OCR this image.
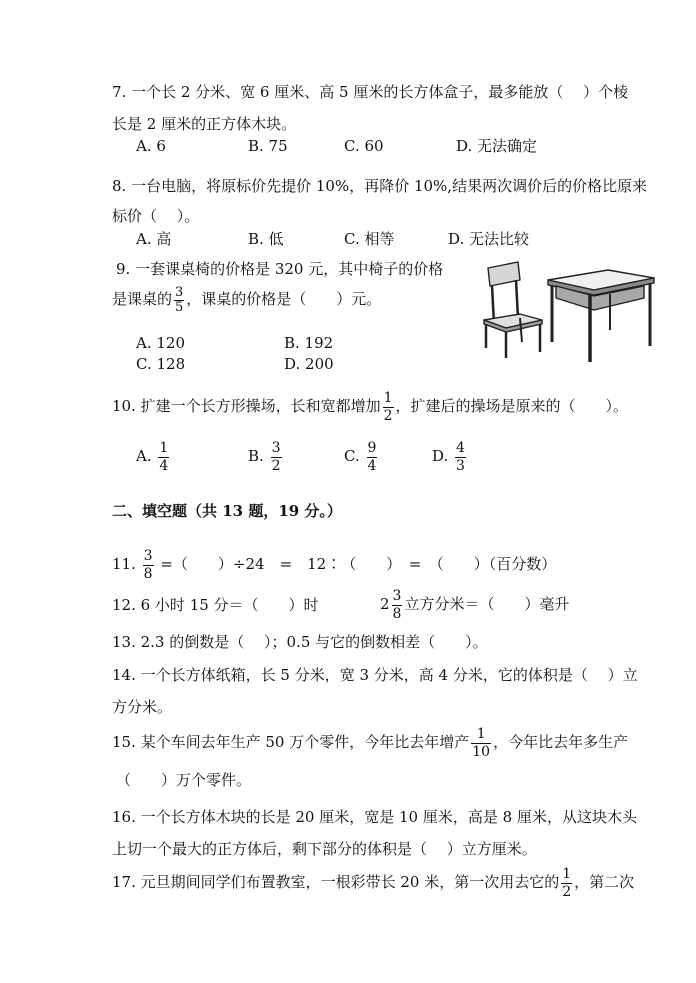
7. 一个长 2 分米、宽 6 厘米、高 5 厘米的长方体盒子，最多能放（　 ）个棱
长是 2 厘米的正方体木块。
A. 6	B. 75	C. 60	D. 无法确定
8. 一台电脑，将原标价先提价 10%，再降价 10%,结果两次调价后的价格比原来
标价（　 ）。
A. 高	B. 低	C. 相等	D. 无法比较
9. 一套课桌椅的价格是 320 元，其中椅子的价格
是课桌的 $\frac{3}{5}$ ，课桌的价格是（　　）元。
A. 120	B. 192
C. 128	D. 200
10. 扩建一个长方形操场，长和宽都增加 $\frac{1}{2}$ ，扩建后的操场是原来的（　　）。
A. $\frac{1}{4}$	B. $\frac{3}{2}$	C. $\frac{9}{4}$	D. $\frac{4}{3}$
二、填空题（共 13 题，19 分。）
11. $\frac{3}{8}$ =（　　）÷24　=　12∶（　　）　=　（　　）（百分数）
12. 6 小时 15 分＝（　　）时	$2 \frac{3}{8}$ 立方分米＝（　　）毫升
13. 2.3 的倒数是（　 ）；0.5 与它的倒数相差（　　）。
14. 一个长方体纸箱，长 5 分米，宽 3 分米，高 4 分米，它的体积是（　 ）立
方分米。
15. 某个车间去年生产 50 万个零件，今年比去年增产 $\frac{1}{10}$ ，今年比去年多生产
（　　）万个零件。
16. 一个长方体木块的长是 20 厘米，宽是 10 厘米，高是 8 厘米，从这块木头
上切一个最大的正方体后，剩下部分的体积是（　 ）立方厘米。
17. 元旦期间同学们布置教室，一根彩带长 20 米，第一次用去它的 $\frac{1}{2}$ ，第二次
